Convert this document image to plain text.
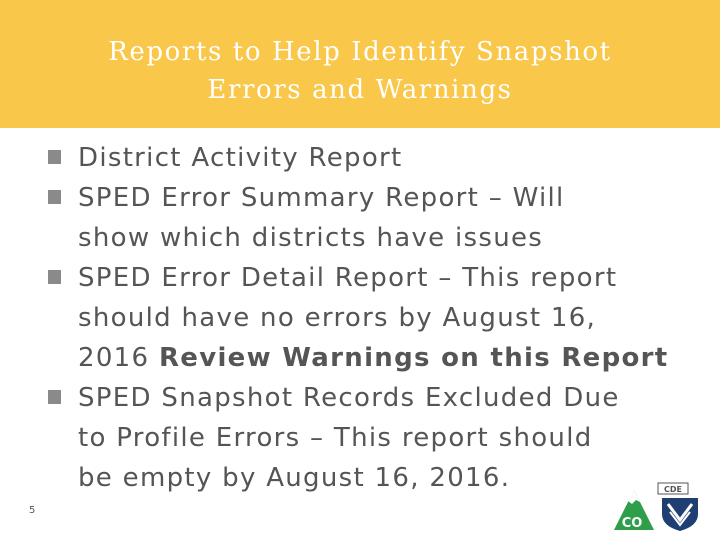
Reports to Help Identify Snapshot
Errors and Warnings
District Activity Report
SPED Error Summary Report – Will
show which districts have issues
SPED Error Detail Report – This report
should have no errors by August 16,
2016 Review Warnings on this Report
SPED Snapshot Records Excluded Due
to Profile Errors – This report should
be empty by August 16, 2016.
5
CO
CDE
